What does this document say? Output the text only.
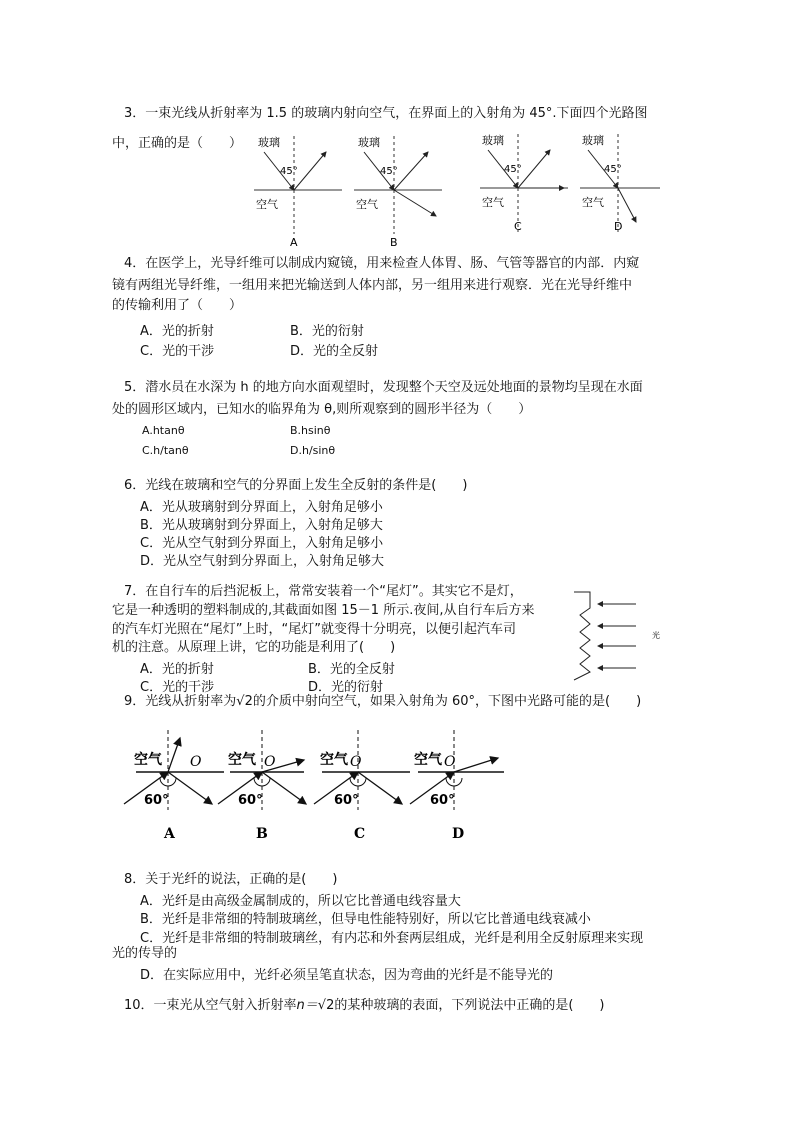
3．一束光线从折射率为 1.5 的玻璃内射向空气，在界面上的入射角为 45°.下面四个光路图
中，正确的是（　　） 玻璃
45°
空气
A
玻璃
45°
空气
B
玻璃
45°
空气
C
玻璃
45°
空气
D
4．在医学上，光导纤维可以制成内窥镜，用来检查人体胃、肠、气管等器官的内部．内窥
镜有两组光导纤维，一组用来把光输送到人体内部，另一组用来进行观察．光在光导纤维中
的传输利用了（　　）
A．光的折射	B．光的衍射
C．光的干涉	D．光的全反射
5．潜水员在水深为 h 的地方向水面观望时，发现整个天空及远处地面的景物均呈现在水面
处的圆形区域内，已知水的临界角为 θ,则所观察到的圆形半径为（　　）
A.htanθ	B.hsinθ
C.h/tanθ	D.h/sinθ
6．光线在玻璃和空气的分界面上发生全反射的条件是(　　)
A．光从玻璃射到分界面上，入射角足够小
B．光从玻璃射到分界面上，入射角足够大
C．光从空气射到分界面上，入射角足够小
D．光从空气射到分界面上，入射角足够大
7．在自行车的后挡泥板上，常常安装着一个“尾灯”。其实它不是灯，
它是一种透明的塑料制成的,其截面如图 15－1 所示.夜间,从自行车后方来
的汽车灯光照在“尾灯”上时，“尾灯”就变得十分明亮，以便引起汽车司
机的注意。从原理上讲，它的功能是利用了(　　)
A．光的折射	B．光的全反射
C．光的干涉	D．光的衍射
光
9．光线从折射率为√2的介质中射向空气，如果入射角为 60°，下图中光路可能的是(　　)
空气 O
60°
A
空气 O
60°
B
空气 O
60°
C
空气 O
60°
D
8．关于光纤的说法，正确的是(　　)
A．光纤是由高级金属制成的，所以它比普通电线容量大
B．光纤是非常细的特制玻璃丝，但导电性能特别好，所以它比普通电线衰减小
C．光纤是非常细的特制玻璃丝，有内芯和外套两层组成，光纤是利用全反射原理来实现
光的传导的
D．在实际应用中，光纤必须呈笔直状态，因为弯曲的光纤是不能导光的
10．一束光从空气射入折射率n＝√2的某种玻璃的表面，下列说法中正确的是(　　)
